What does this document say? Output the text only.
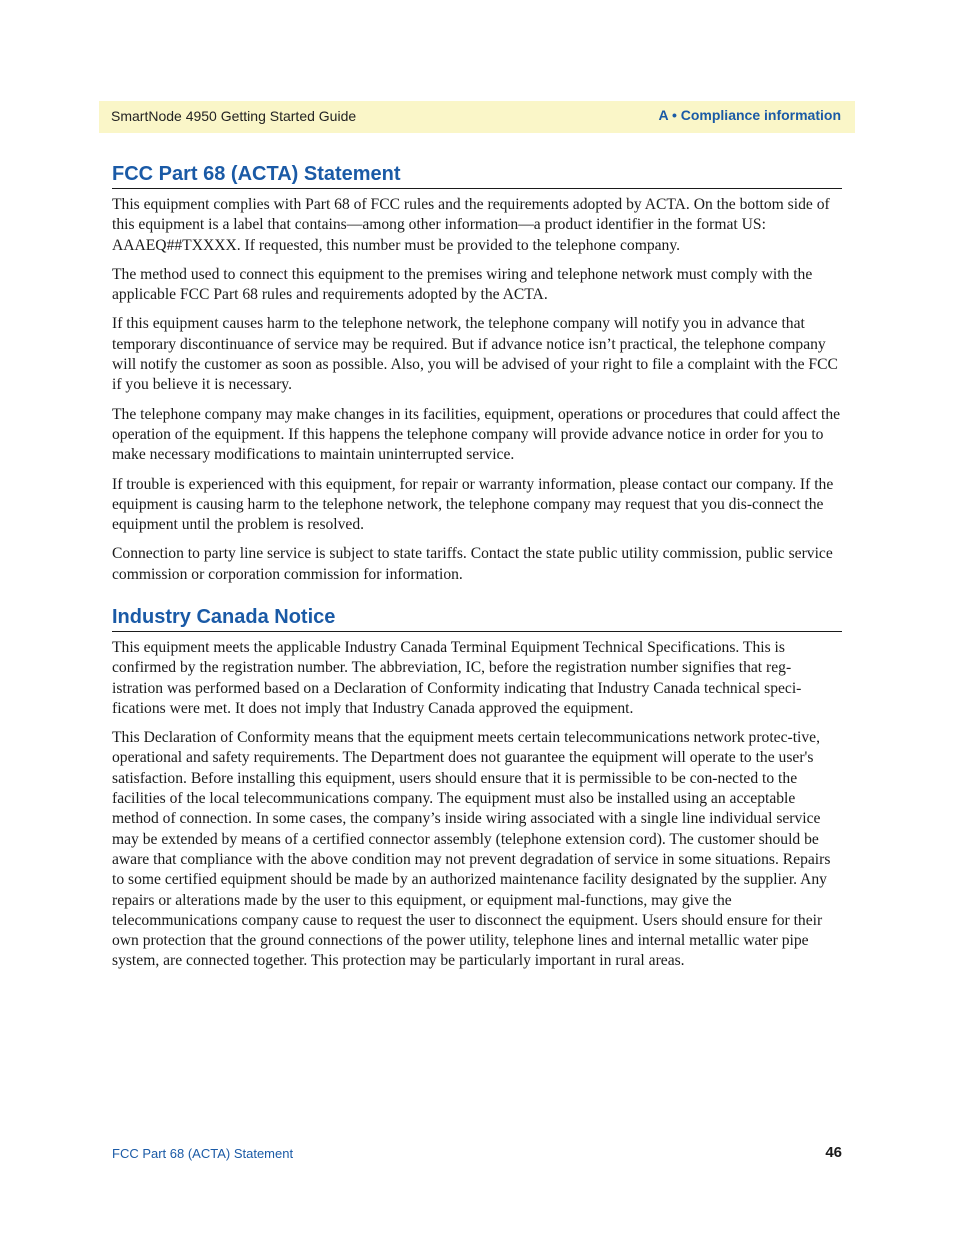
SmartNode 4950 Getting Started Guide	A • Compliance information
FCC Part 68 (ACTA) Statement

This equipment complies with Part 68 of FCC rules and the requirements adopted by ACTA. On the bottom side of this equipment is a label that contains—among other information—a product identifier in the format US: AAAEQ##TXXXX. If requested, this number must be provided to the telephone company.

The method used to connect this equipment to the premises wiring and telephone network must comply with the applicable FCC Part 68 rules and requirements adopted by the ACTA.

If this equipment causes harm to the telephone network, the telephone company will notify you in advance that temporary discontinuance of service may be required. But if advance notice isn’t practical, the telephone company will notify the customer as soon as possible. Also, you will be advised of your right to file a complaint with the FCC if you believe it is necessary.

The telephone company may make changes in its facilities, equipment, operations or procedures that could affect the operation of the equipment. If this happens the telephone company will provide advance notice in order for you to make necessary modifications to maintain uninterrupted service.

If trouble is experienced with this equipment, for repair or warranty information, please contact our company. If the equipment is causing harm to the telephone network, the telephone company may request that you dis-connect the equipment until the problem is resolved.

Connection to party line service is subject to state tariffs. Contact the state public utility commission, public service commission or corporation commission for information.

Industry Canada Notice

This equipment meets the applicable Industry Canada Terminal Equipment Technical Specifications. This is confirmed by the registration number. The abbreviation, IC, before the registration number signifies that reg-istration was performed based on a Declaration of Conformity indicating that Industry Canada technical speci-fications were met. It does not imply that Industry Canada approved the equipment.

This Declaration of Conformity means that the equipment meets certain telecommunications network protec-tive, operational and safety requirements. The Department does not guarantee the equipment will operate to the user's satisfaction. Before installing this equipment, users should ensure that it is permissible to be con-nected to the facilities of the local telecommunications company. The equipment must also be installed using an acceptable method of connection. In some cases, the company’s inside wiring associated with a single line individual service may be extended by means of a certified connector assembly (telephone extension cord). The customer should be aware that compliance with the above condition may not prevent degradation of service in some situations. Repairs to some certified equipment should be made by an authorized maintenance facility designated by the supplier. Any repairs or alterations made by the user to this equipment, or equipment mal-functions, may give the telecommunications company cause to request the user to disconnect the equipment. Users should ensure for their own protection that the ground connections of the power utility, telephone lines and internal metallic water pipe system, are connected together. This protection may be particularly important in rural areas.

FCC Part 68 (ACTA) Statement	46
